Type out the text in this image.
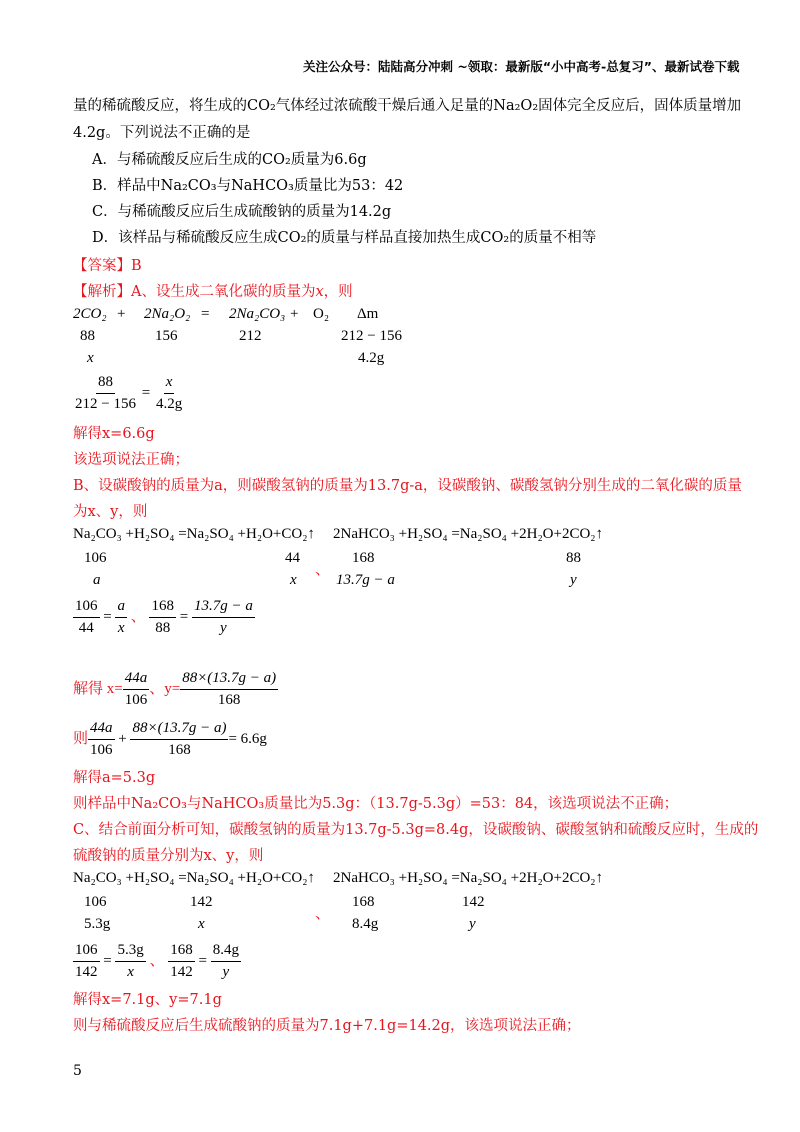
关注公众号：陆陆高分冲刺 ~领取：最新版“小中高考-总复习”、最新试卷下载
量的稀硫酸反应，将生成的CO₂气体经过浓硫酸干燥后通入足量的Na₂O₂固体完全反应后，固体质量增加
4.2g。下列说法不正确的是
A．与稀硫酸反应后生成的CO₂质量为6.6g
B．样品中Na₂CO₃与NaHCO₃质量比为53：42
C．与稀硫酸反应后生成硫酸钠的质量为14.2g
D．该样品与稀硫酸反应生成CO₂的质量与样品直接加热生成CO₂的质量不相等
【答案】B
【解析】A、设生成二氧化碳的质量为x，则
2CO₂ + 2Na₂O₂ = 2Na₂CO₃ + O₂ Δm
88	156	212	212 − 156
x	4.2g
$\frac{88}{212 - 156} = \frac{x}{4.2g}$
解得x=6.6g
该选项说法正确；
B、设碳酸钠的质量为a，则碳酸氢钠的质量为13.7g-a，设碳酸钠、碳酸氢钠分别生成的二氧化碳的质量
为x、y，则
Na₂CO₃ +H₂SO₄ =Na₂SO₄ +H₂O+CO₂↑
106	44
a	x
、
2NaHCO₃ +H₂SO₄ =Na₂SO₄ +2H₂O+2CO₂↑
168	88
13.7g − a	y
$\frac{106}{44} = \frac{a}{x}$ 、 $\frac{168}{88} = \frac{13.7g - a}{y}$
解得 $x= \frac{44a}{106}$ 、$y= \frac{88\times(13.7g - a)}{168}$
则 $\frac{44a}{106} + \frac{88\times(13.7g - a)}{168} = 6.6g$
解得a=5.3g
则样品中Na₂CO₃与NaHCO₃质量比为5.3g：（13.7g-5.3g）=53：84，该选项说法不正确；
C、结合前面分析可知，碳酸氢钠的质量为13.7g-5.3g=8.4g，设碳酸钠、碳酸氢钠和硫酸反应时，生成的
硫酸钠的质量分别为x、y，则
Na₂CO₃ +H₂SO₄ =Na₂SO₄ +H₂O+CO₂↑
106	142
5.3g	x
、
2NaHCO₃ +H₂SO₄ =Na₂SO₄ +2H₂O+2CO₂↑
168	142
8.4g	y
$\frac{106}{142} = \frac{5.3g}{x}$ 、 $\frac{168}{142} = \frac{8.4g}{y}$
解得x=7.1g、y=7.1g
则与稀硫酸反应后生成硫酸钠的质量为7.1g+7.1g=14.2g，该选项说法正确；
5
